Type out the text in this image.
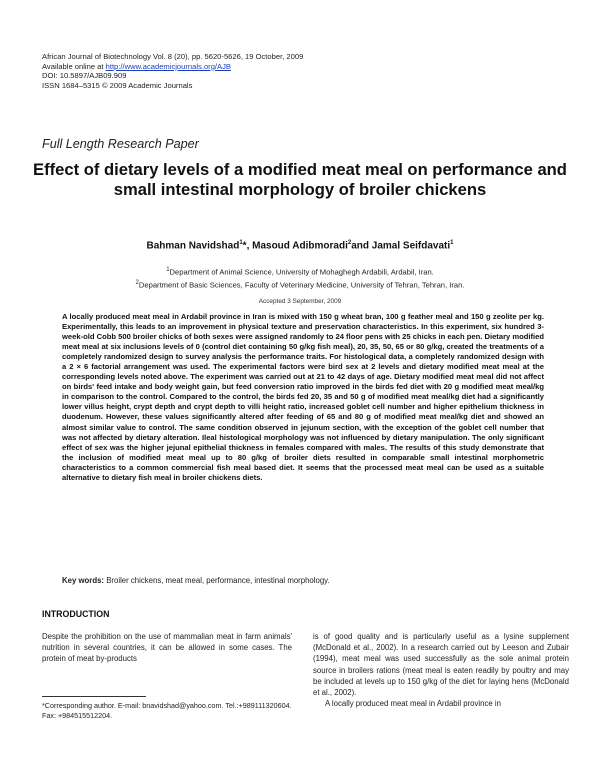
African Journal of Biotechnology Vol. 8 (20), pp. 5620-5626, 19 October, 2009
Available online at http://www.academicjournals.org/AJB
DOI: 10.5897/AJB09.909
ISSN 1684–5315 © 2009 Academic Journals
Full Length Research Paper
Effect of dietary levels of a modified meat meal on performance and small intestinal morphology of broiler chickens
Bahman Navidshad$^1$*, Masoud Adibmoradi$^2$and Jamal Seifdavati$^1$
$^1$Department of Animal Science, University of Mohaghegh Ardabili, Ardabil, Iran.
$^2$Department of Basic Sciences, Faculty of Veterinary Medicine, University of Tehran, Tehran, Iran.
Accepted 3 September, 2009
A locally produced meat meal in Ardabil province in Iran is mixed with 150 g wheat bran, 100 g feather meal and 150 g zeolite per kg. Experimentally, this leads to an improvement in physical texture and preservation characteristics. In this experiment, six hundred 3-week-old Cobb 500 broiler chicks of both sexes were assigned randomly to 24 floor pens with 25 chicks in each pen. Dietary modified meat meal at six inclusions levels of 0 (control diet containing 50 g/kg fish meal), 20, 35, 50, 65 or 80 g/kg, created the treatments of a completely randomized design to survey analysis the performance traits. For histological data, a completely randomized design with a 2 × 6 factorial arrangement was used. The experimental factors were bird sex at 2 levels and dietary modified meat meal at the corresponding levels noted above. The experiment was carried out at 21 to 42 days of age. Dietary modified meat meal did not affect on birds' feed intake and body weight gain, but feed conversion ratio improved in the birds fed diet with 20 g modified meat meal/kg in comparison to the control. Compared to the control, the birds fed 20, 35 and 50 g of modified meat meal/kg diet had a significantly lower villus height, crypt depth and crypt depth to villi height ratio, increased goblet cell number and higher epithelium thickness in duodenum. However, these values significantly altered after feeding of 65 and 80 g of modified meat meal/kg diet and showed an almost similar value to control. The same condition observed in jejunum section, with the exception of the goblet cell number that was not affected by dietary alteration. Ileal histological morphology was not influenced by dietary manipulation. The only significant effect of sex was the higher jejunal epithelial thickness in females compared with males. The results of this study demonstrate that the inclusion of modified meat meal up to 80 g/kg of broiler diets resulted in comparable small intestinal morphometric characteristics to a common commercial fish meal based diet. It seems that the processed meat meal can be used as a suitable alternative to dietary fish meal in broiler chickens diets.
Key words: Broiler chickens, meat meal, performance, intestinal morphology.
INTRODUCTION
Despite the prohibition on the use of mammalian meat in farm animals' nutrition in several countries, it can be allowed in some cases. The protein of meat by-products
is of good quality and is particularly useful as a lysine supplement (McDonald et al., 2002). In a research carried out by Leeson and Zubair (1994), meat meal was used successfully as the sole animal protein source in broilers rations (meat meal is eaten readily by poultry and may be included at levels up to 150 g/kg of the diet for laying hens (McDonald et al., 2002).
A locally produced meat meal in Ardabil province in
*Corresponding author. E-mail: bnavidshad@yahoo.com. Tel.:+989111320604. Fax: +984515512204.
